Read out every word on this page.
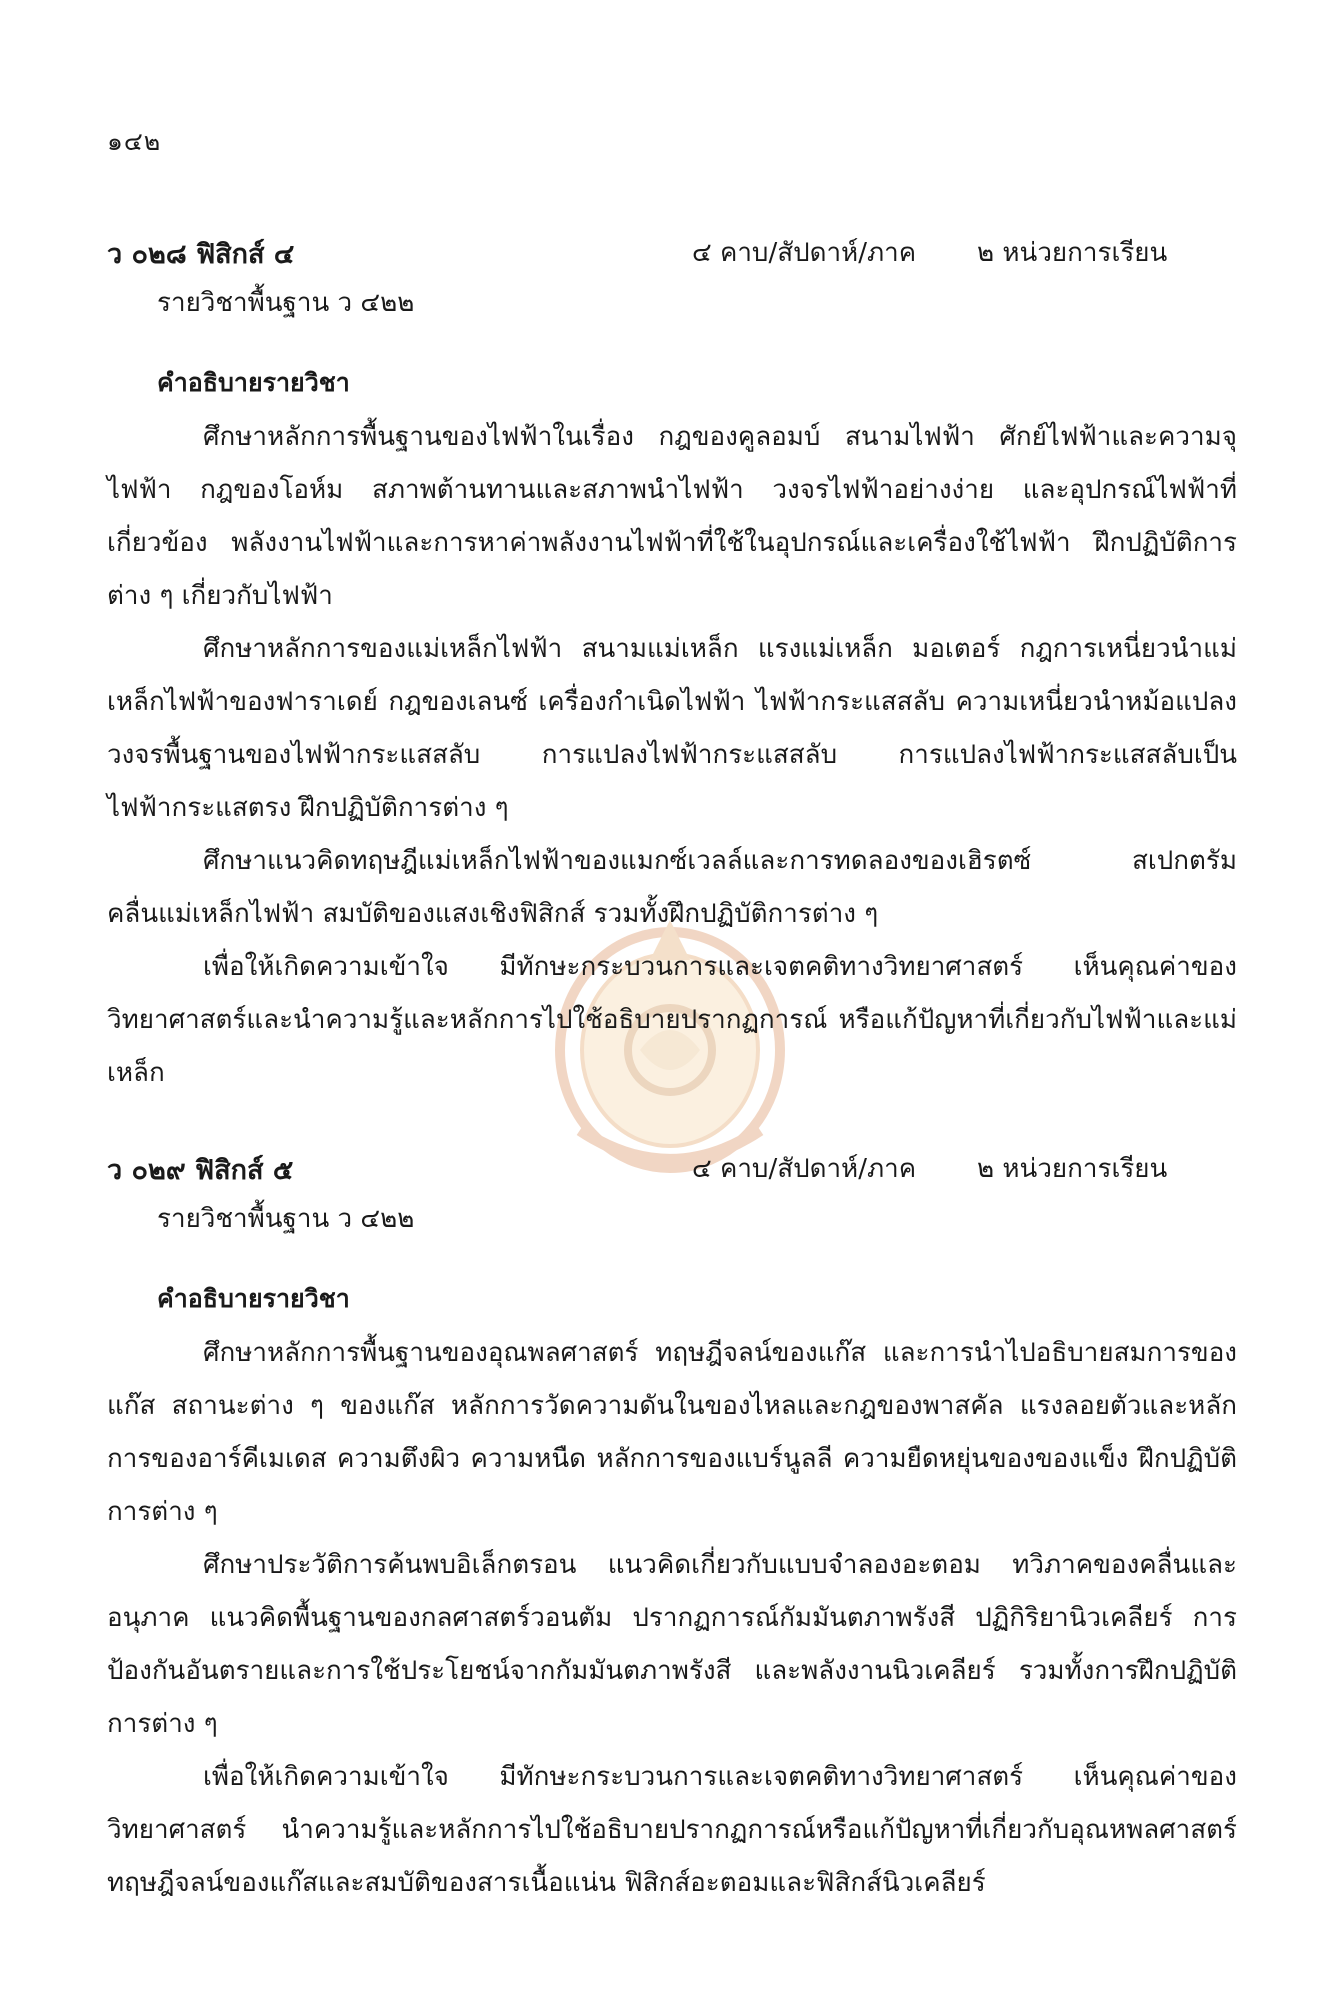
๑๔๒
ว ๐๒๘ ฟิสิกส์ ๔	๔ คาบ/สัปดาห์/ภาค ๒ หน่วยการเรียน
รายวิชาพื้นฐาน ว ๔๒๒
คำอธิบายรายวิชา

ศึกษาหลักการพื้นฐานของไฟฟ้าในเรื่อง กฎของคูลอมบ์ สนามไฟฟ้า ศักย์ไฟฟ้าและความจุไฟฟ้า กฎของโอห์ม สภาพต้านทานและสภาพนำไฟฟ้า วงจรไฟฟ้าอย่างง่าย และอุปกรณ์ไฟฟ้าที่เกี่ยวข้อง พลังงานไฟฟ้าและการหาค่าพลังงานไฟฟ้าที่ใช้ในอุปกรณ์และเครื่องใช้ไฟฟ้า ฝึกปฏิบัติการต่าง ๆ เกี่ยวกับไฟฟ้า

ศึกษาหลักการของแม่เหล็กไฟฟ้า สนามแม่เหล็ก แรงแม่เหล็ก มอเตอร์ กฎการเหนี่ยวนำแม่เหล็กไฟฟ้าของฟาราเดย์ กฎของเลนซ์ เครื่องกำเนิดไฟฟ้า ไฟฟ้ากระแสสลับ ความเหนี่ยวนำหม้อแปลง วงจรพื้นฐานของไฟฟ้ากระแสสลับ การแปลงไฟฟ้ากระแสสลับ การแปลงไฟฟ้ากระแสสลับเป็นไฟฟ้ากระแสตรง ฝึกปฏิบัติการต่าง ๆ

ศึกษาแนวคิดทฤษฎีแม่เหล็กไฟฟ้าของแมกซ์เวลล์และการทดลองของเฮิรตซ์ สเปกตรัมคลื่นแม่เหล็กไฟฟ้า สมบัติของแสงเชิงฟิสิกส์ รวมทั้งฝึกปฏิบัติการต่าง ๆ

เพื่อให้เกิดความเข้าใจ มีทักษะกระบวนการและเจตคติทางวิทยาศาสตร์ เห็นคุณค่าของวิทยาศาสตร์และนำความรู้และหลักการไปใช้อธิบายปรากฏการณ์ หรือแก้ปัญหาที่เกี่ยวกับไฟฟ้าและแม่เหล็ก

ว ๐๒๙ ฟิสิกส์ ๕	๔ คาบ/สัปดาห์/ภาค ๒ หน่วยการเรียน
รายวิชาพื้นฐาน ว ๔๒๒
คำอธิบายรายวิชา

ศึกษาหลักการพื้นฐานของอุณพลศาสตร์ ทฤษฎีจลน์ของแก๊ส และการนำไปอธิบายสมการของแก๊ส สถานะต่าง ๆ ของแก๊ส หลักการวัดความดันในของไหลและกฎของพาสคัล แรงลอยตัวและหลักการของอาร์คีเมเดส ความตึงผิว ความหนืด หลักการของแบร์นูลลี ความยืดหยุ่นของของแข็ง ฝึกปฏิบัติการต่าง ๆ

ศึกษาประวัติการค้นพบอิเล็กตรอน แนวคิดเกี่ยวกับแบบจำลองอะตอม ทวิภาคของคลื่นและอนุภาค แนวคิดพื้นฐานของกลศาสตร์วอนตัม ปรากฏการณ์กัมมันตภาพรังสี ปฏิกิริยานิวเคลียร์ การป้องกันอันตรายและการใช้ประโยชน์จากกัมมันตภาพรังสี และพลังงานนิวเคลียร์ รวมทั้งการฝึกปฏิบัติการต่าง ๆ

เพื่อให้เกิดความเข้าใจ มีทักษะกระบวนการและเจตคติทางวิทยาศาสตร์ เห็นคุณค่าของวิทยาศาสตร์ นำความรู้และหลักการไปใช้อธิบายปรากฏการณ์หรือแก้ปัญหาที่เกี่ยวกับอุณหพลศาสตร์ ทฤษฎีจลน์ของแก๊สและสมบัติของสารเนื้อแน่น ฟิสิกส์อะตอมและฟิสิกส์นิวเคลียร์
